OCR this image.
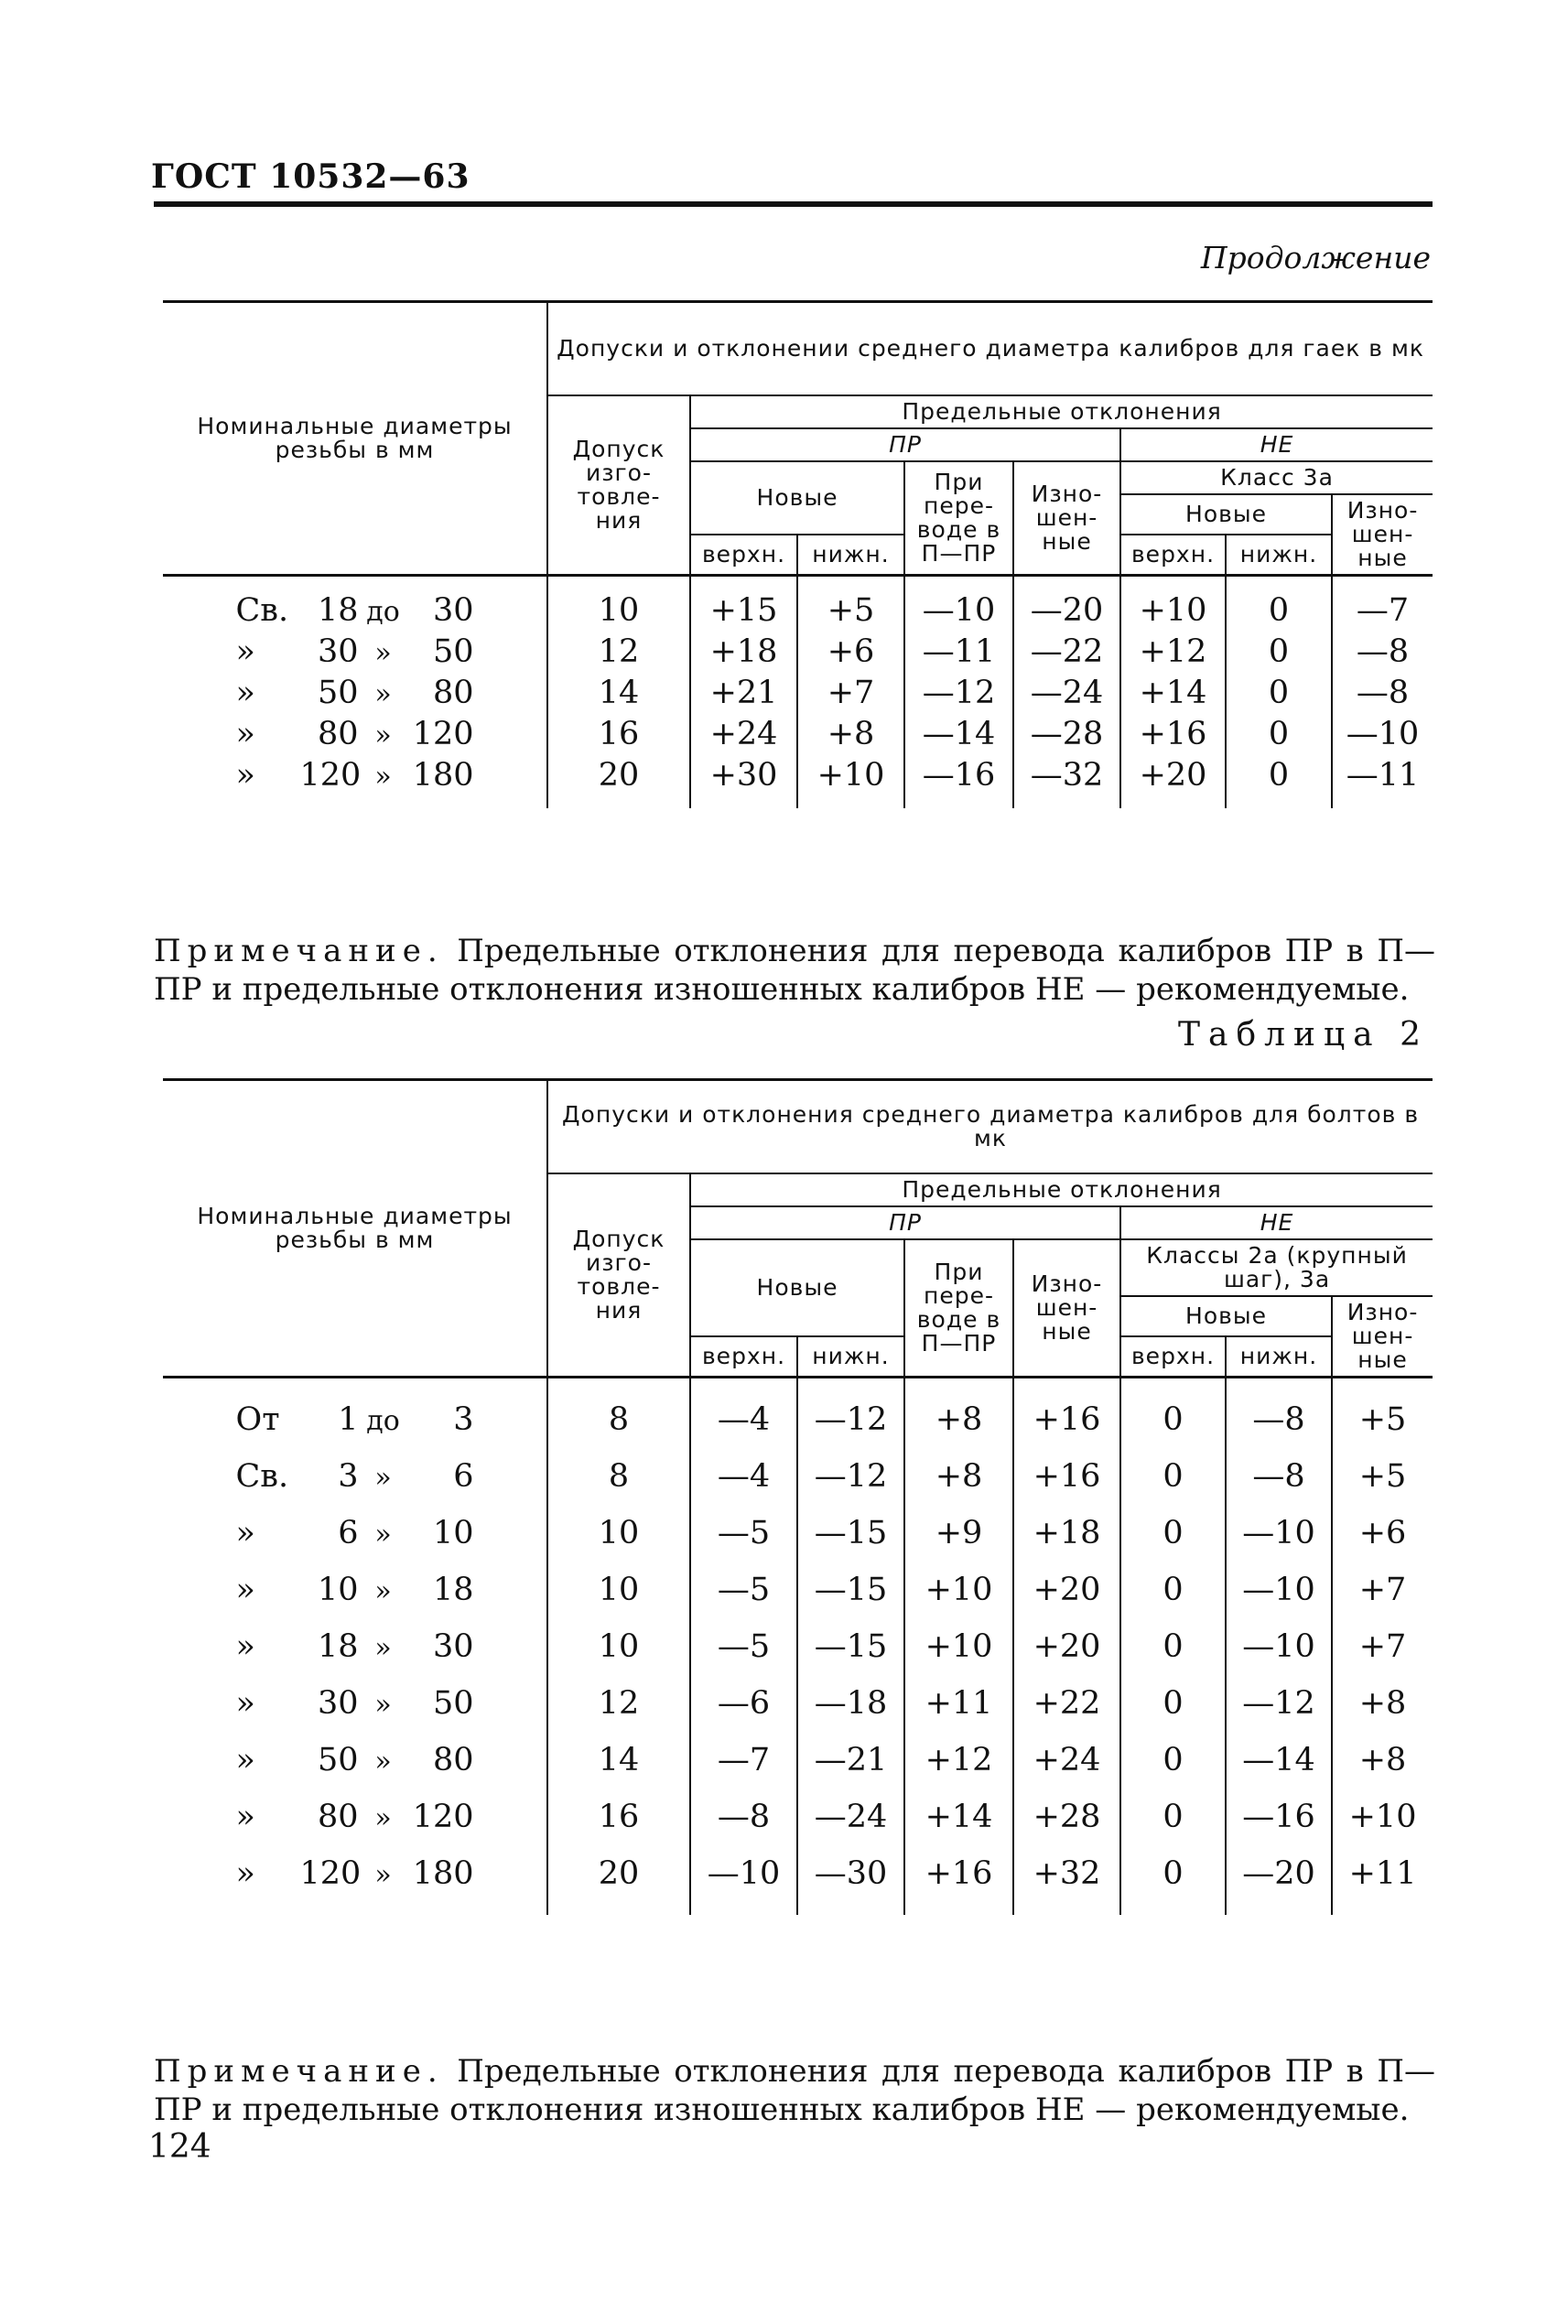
ГОСТ 10532—63
Продолжение
Номинальные диаметры резьбы в мм	Допуски и отклонении среднего диаметра калибров для гаек в мк							
	Допуск изго- товле- ния	Предельные отклонения						
		ПР				НЕ		
		Новые		При пере- воде в П—ПР	Изно- шен- ные	Класс 3а		
						Новые		Изно- шен- ные
		верхн.	нижн.			верхн.	нижн.	
Св. 18 до 30	10	+15	+5	—10	—20	+10	0	—7
» 30 » 50	12	+18	+6	—11	—22	+12	0	—8
» 50 » 80	14	+21	+7	—12	—24	+14	0	—8
» 80 » 120	16	+24	+8	—14	—28	+16	0	—10
» 120 » 180	20	+30	+10	—16	—32	+20	0	—11
Примечание. Предельные отклонения для перевода калибров ПР в П—ПР и предельные отклонения изношенных калибров НЕ — рекомендуемые.
Таблица 2
Номинальные диаметры резьбы в мм	Допуски и отклонения среднего диаметра калибров для болтов в мк							
	Допуск изго- товле- ния	Предельные отклонения						
		ПР				НЕ		
		Новые		При пере- воде в П—ПР	Изно- шен- ные	Классы 2а (крупный шаг), 3а		
						Новые		Изно- шен- ные
		верхн.	нижн.			верхн.	нижн.	
От 1 до 3	8	—4	—12	+8	+16	0	—8	+5
Св. 3 » 6	8	—4	—12	+8	+16	0	—8	+5
» 6 » 10	10	—5	—15	+9	+18	0	—10	+6
» 10 » 18	10	—5	—15	+10	+20	0	—10	+7
» 18 » 30	10	—5	—15	+10	+20	0	—10	+7
» 30 » 50	12	—6	—18	+11	+22	0	—12	+8
» 50 » 80	14	—7	—21	+12	+24	0	—14	+8
» 80 » 120	16	—8	—24	+14	+28	0	—16	+10
» 120 » 180	20	—10	—30	+16	+32	0	—20	+11
Примечание. Предельные отклонения для перевода калибров ПР в П—ПР и предельные отклонения изношенных калибров НЕ — рекомендуемые.
124
